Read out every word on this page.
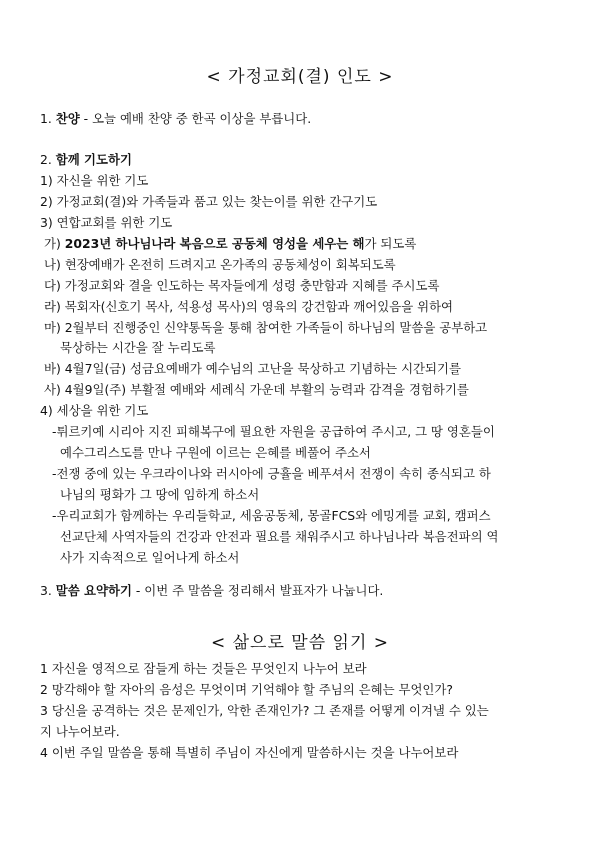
< 가정교회(결) 인도 >
1. 찬양 - 오늘 예배 찬양 중 한곡 이상을 부릅니다.
2. 함께 기도하기
1) 자신을 위한 기도
2) 가정교회(결)와 가족들과 품고 있는 찾는이를 위한 간구기도
3) 연합교회를 위한 기도
가) 2023년 하나님나라 복음으로 공동체 영성을 세우는 해가 되도록
나) 현장예배가 온전히 드려지고 온가족의 공동체성이 회복되도록
다) 가정교회와 결을 인도하는 목자들에게 성령 충만함과 지혜를 주시도록
라) 목회자(신호기 목사, 석용성 목사)의 영육의 강건함과 깨어있음을 위하여
마) 2월부터 진행중인 신약통독을 통해 참여한 가족들이 하나님의 말씀을 공부하고
묵상하는 시간을 잘 누리도록
바) 4월7일(금) 성금요예배가 예수님의 고난을 묵상하고 기념하는 시간되기를
사) 4월9일(주) 부활절 예배와 세례식 가운데 부활의 능력과 감격을 경험하기를
4) 세상을 위한 기도
-튀르키예 시리아 지진 피해복구에 필요한 자원을 공급하여 주시고, 그 땅 영혼들이
예수그리스도를 만나 구원에 이르는 은혜를 베풀어 주소서
-전쟁 중에 있는 우크라이나와 러시아에 긍휼을 베푸셔서 전쟁이 속히 종식되고 하
나님의 평화가 그 땅에 임하게 하소서
-우리교회가 함께하는 우리들학교, 세움공동체, 몽골FCS와 에밍게를 교회, 캠퍼스
선교단체 사역자들의 건강과 안전과 필요를 채워주시고 하나님나라 복음전파의 역
사가 지속적으로 일어나게 하소서
3. 말씀 요약하기 - 이번 주 말씀을 정리해서 발표자가 나눕니다.
< 삶으로 말씀 읽기 >
1 자신을 영적으로 잠들게 하는 것들은 무엇인지 나누어 보라
2 망각해야 할 자아의 음성은 무엇이며 기억해야 할 주님의 은혜는 무엇인가?
3 당신을 공격하는 것은 문제인가, 악한 존재인가? 그 존재를 어떻게 이겨낼 수 있는
지 나누어보라.
4 이번 주일 말씀을 통해 특별히 주님이 자신에게 말씀하시는 것을 나누어보라
